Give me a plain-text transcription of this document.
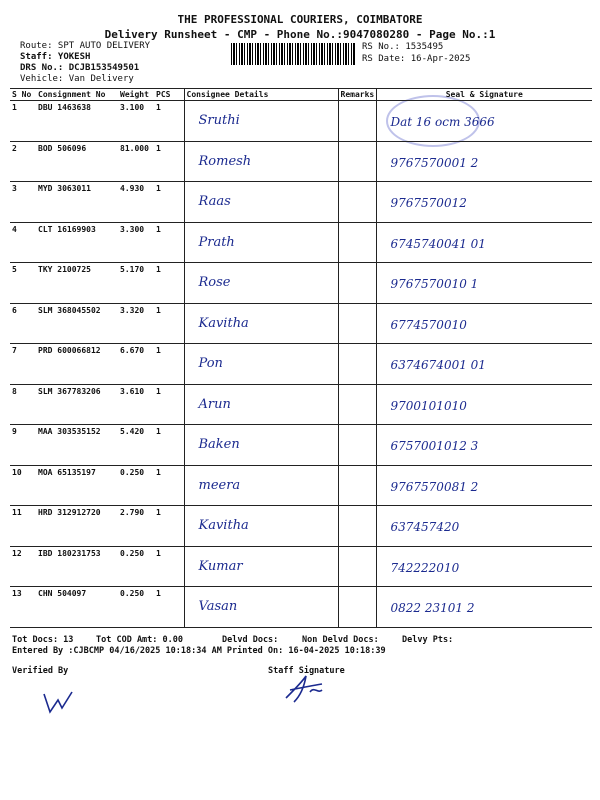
THE PROFESSIONAL COURIERS, COIMBATORE
Delivery Runsheet - CMP - Phone No.:9047080280 - Page No.:1
Route: SPT AUTO DELIVERY
Staff: YOKESH
DRS No.: DCJB153549501
Vehicle: Van Delivery
RS No.: 1535495
RS Date: 16-Apr-2025
S No	Consignment No	Weight	PCS	Consignee Details	Remarks	Seal & Signature
1	DBU 1463638	3.100	1	Sruthi		Dat 16 ocm 3666

2	BOD 506096	81.000	1	Romesh		9767570001 2

3	MYD 3063011	4.930	1	Raas		9767570012

4	CLT 16169903	3.300	1	Prath		6745740041 01

5	TKY 2100725	5.170	1	Rose		9767570010 1

6	SLM 368045502	3.320	1	Kavitha		6774570010

7	PRD 600066812	6.670	1	Pon		6374674001 01

8	SLM 367783206	3.610	1	Arun		9700101010

9	MAA 303535152	5.420	1	Baken		6757001012 3

10	MOA 65135197	0.250	1	meera		9767570081 2

11	HRD 312912720	2.790	1	Kavitha		637457420

12	IBD 180231753	0.250	1	Kumar		742222010

13	CHN 504097	0.250	1	Vasan		0822 23101 2
Tot Docs: 13	Tot COD Amt: 0.00	Delvd Docs:	Non Delvd Docs:	Delvy Pts:
Entered By :CJBCMP 04/16/2025 10:18:34 AM Printed On: 16-04-2025 10:18:39
Verified By	Staff Signature
